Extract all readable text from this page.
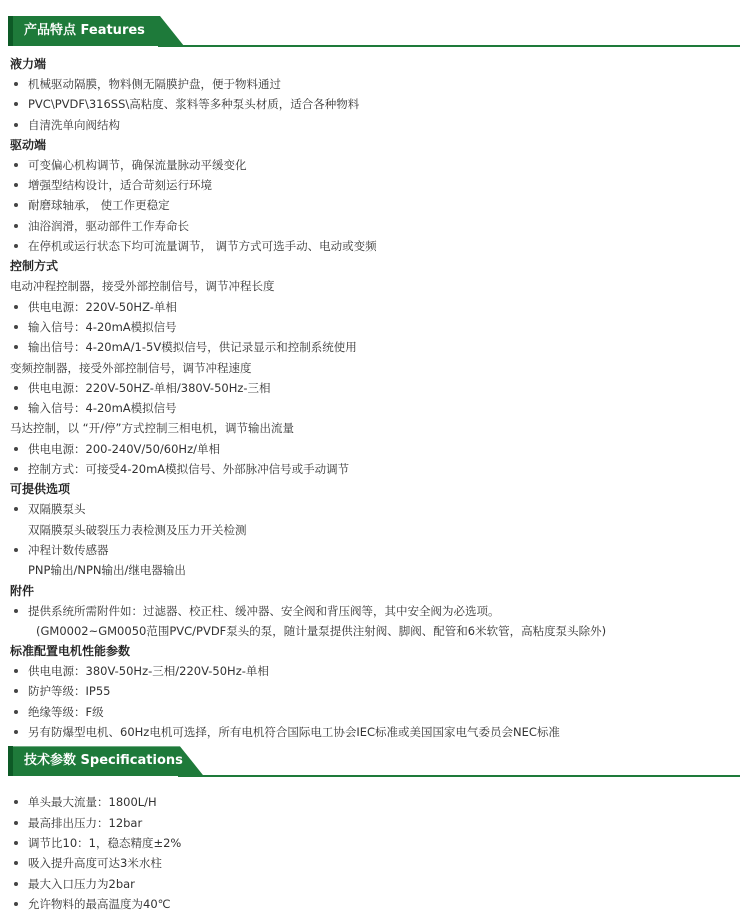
产品特点 Features
液力端
机械驱动隔膜，物料侧无隔膜护盘，便于物料通过
PVC\PVDF\316SS\高粘度、浆料等多种泵头材质，适合各种物料
自清洗单向阀结构
驱动端
可变偏心机构调节，确保流量脉动平缓变化
增强型结构设计，适合苛刻运行环境
耐磨球轴承， 使工作更稳定
油浴润滑，驱动部件工作寿命长
在停机或运行状态下均可流量调节， 调节方式可选手动、电动或变频
控制方式
电动冲程控制器，接受外部控制信号，调节冲程长度
供电电源：220V-50HZ-单相
输入信号：4-20mA模拟信号
输出信号：4-20mA/1-5V模拟信号，供记录显示和控制系统使用
变频控制器，接受外部控制信号，调节冲程速度
供电电源：220V-50HZ-单相/380V-50Hz-三相
输入信号：4-20mA模拟信号
马达控制，以 “开/停”方式控制三相电机，调节输出流量
供电电源：200-240V/50/60Hz/单相
控制方式：可接受4-20mA模拟信号、外部脉冲信号或手动调节
可提供选项
双隔膜泵头
双隔膜泵头破裂压力表检测及压力开关检测
冲程计数传感器
PNP输出/NPN输出/继电器输出
附件
提供系统所需附件如：过滤器、校正柱、缓冲器、安全阀和背压阀等，其中安全阀为必选项。
(GM0002~GM0050范围PVC/PVDF泵头的泵，随计量泵提供注射阀、脚阀、配管和6米软管，高粘度泵头除外)
标准配置电机性能参数
供电电源：380V-50Hz-三相/220V-50Hz-单相
防护等级：IP55
绝缘等级：F级
另有防爆型电机、60Hz电机可选择，所有电机符合国际电工协会IEC标准或美国国家电气委员会NEC标准
技术参数 Specifications
单头最大流量：1800L/H
最高排出压力：12bar
调节比10：1，稳态精度±2%
吸入提升高度可达3米水柱
最大入口压力为2bar
允许物料的最高温度为40℃
